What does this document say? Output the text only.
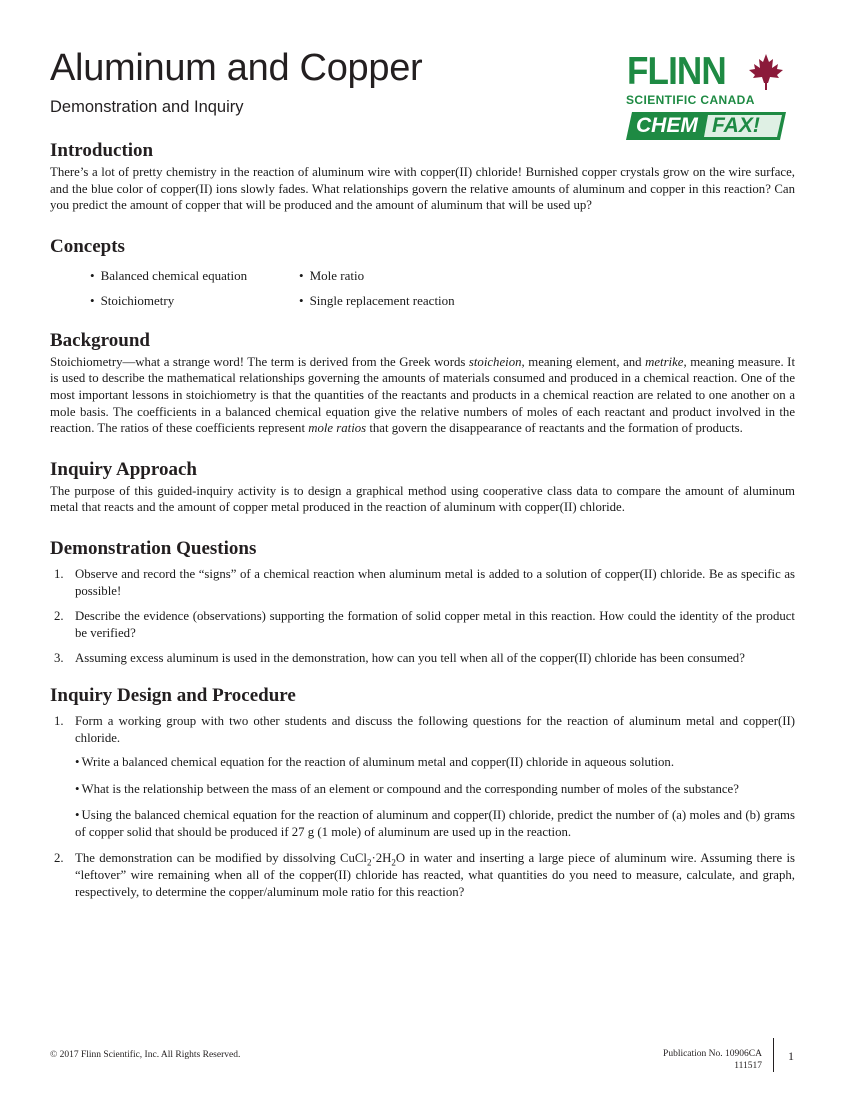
Aluminum and Copper
Demonstration and Inquiry
FLINN
SCIENTIFIC CANADA
CHEM FAX!
Introduction

There’s a lot of pretty chemistry in the reaction of aluminum wire with copper(II) chloride! Burnished copper crystals grow on the wire surface, and the blue color of copper(II) ions slowly fades. What relationships govern the relative amounts of aluminum and copper in this reaction? Can you predict the amount of copper that will be produced and the amount of aluminum that will be used up?

Concepts
• Balanced chemical equation	• Mole ratio
• Stoichiometry	• Single replacement reaction
Background

Stoichiometry—what a strange word! The term is derived from the Greek words stoicheion, meaning element, and metrike, meaning measure. It is used to describe the mathematical relationships governing the amounts of materials consumed and produced in a chemical reaction. One of the most important lessons in stoichiometry is that the quantities of the reactants and products in a chemical reaction are related to one another on a mole basis. The coefficients in a balanced chemical equation give the relative numbers of moles of each reactant and product involved in the reaction. The ratios of these coefficients represent mole ratios that govern the disappearance of reactants and the formation of products.

Inquiry Approach

The purpose of this guided-inquiry activity is to design a graphical method using cooperative class data to compare the amount of aluminum metal that reacts and the amount of copper metal produced in the reaction of aluminum with copper(II) chloride.

Demonstration Questions
1. Observe and record the “signs” of a chemical reaction when aluminum metal is added to a solution of copper(II) chloride. Be as specific as possible!
2. Describe the evidence (observations) supporting the formation of solid copper metal in this reaction. How could the identity of the product be verified?
3. Assuming excess aluminum is used in the demonstration, how can you tell when all of the copper(II) chloride has been consumed?
Inquiry Design and Procedure
1. Form a working group with two other students and discuss the following questions for the reaction of aluminum metal and copper(II) chloride.
• Write a balanced chemical equation for the reaction of aluminum metal and copper(II) chloride in aqueous solution.
• What is the relationship between the mass of an element or compound and the corresponding number of moles of the substance?
• Using the balanced chemical equation for the reaction of aluminum and copper(II) chloride, predict the number of (a) moles and (b) grams of copper solid that should be produced if 27 g (1 mole) of aluminum are used up in the reaction.
2. The demonstration can be modified by dissolving $CuCl_2\cdot 2H_2O$ in water and inserting a large piece of aluminum wire. Assuming there is “leftover” wire remaining when all of the copper(II) chloride has reacted, what quantities do you need to measure, calculate, and graph, respectively, to determine the copper/aluminum mole ratio for this reaction?
© 2017 Flinn Scientific, Inc. All Rights Reserved.	Publication No. 10906CA
111517
1
